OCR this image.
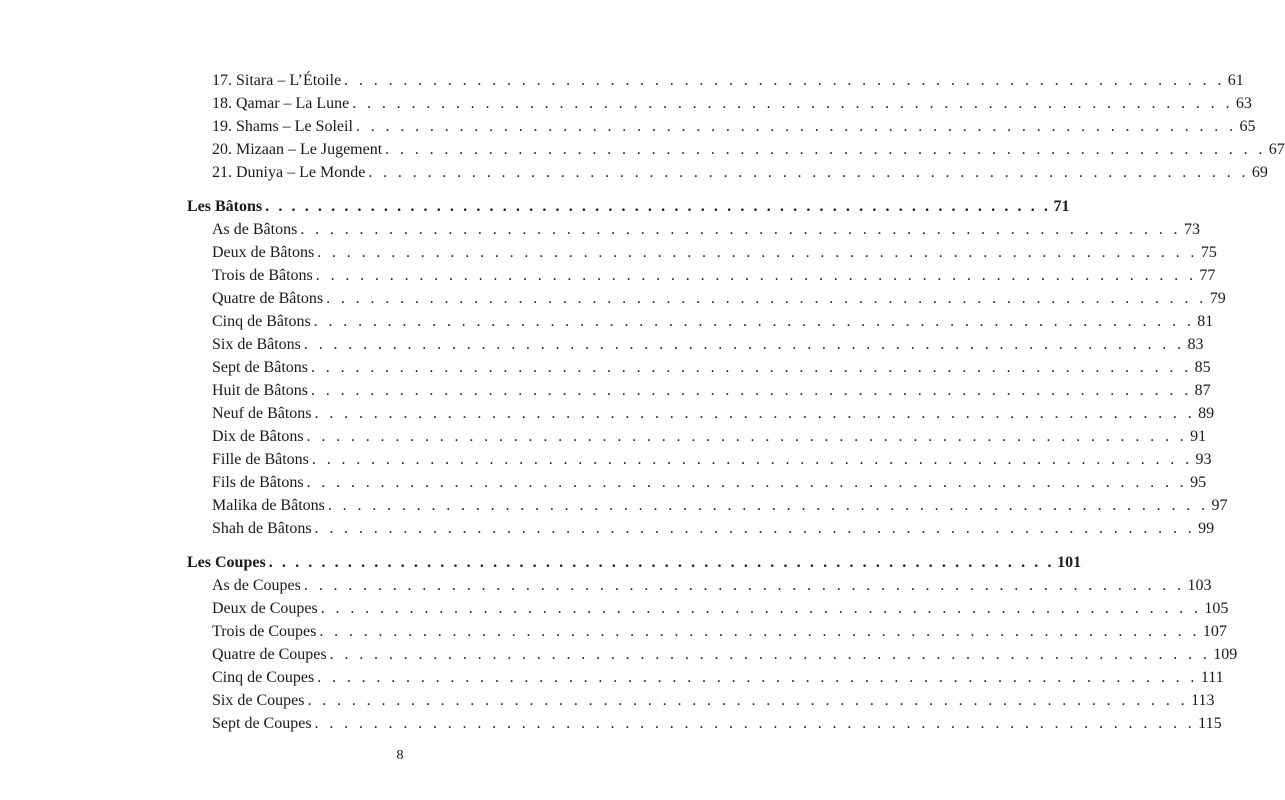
17. Sitara – L’Étoile . . . . . . . . . . . . . . . . . . . . . . . . . . . . . . . . . . . . . . . . . . . . . . . . . . . . . . . . . . . . 61
18. Qamar – La Lune . . . . . . . . . . . . . . . . . . . . . . . . . . . . . . . . . . . . . . . . . . . . . . . . . . . . . . . . . . . . 63
19. Shams – Le Soleil . . . . . . . . . . . . . . . . . . . . . . . . . . . . . . . . . . . . . . . . . . . . . . . . . . . . . . . . . . . . 65
20. Mizaan – Le Jugement . . . . . . . . . . . . . . . . . . . . . . . . . . . . . . . . . . . . . . . . . . . . . . . . . . . . . . . . . . . . 67
21. Duniya – Le Monde . . . . . . . . . . . . . . . . . . . . . . . . . . . . . . . . . . . . . . . . . . . . . . . . . . . . . . . . . . . . 69
Les Bâtons . . . . . . . . . . . . . . . . . . . . . . . . . . . . . . . . . . . . . . . . . . . . . . . . . . . . . . . . . . . . 71
As de Bâtons . . . . . . . . . . . . . . . . . . . . . . . . . . . . . . . . . . . . . . . . . . . . . . . . . . . . . . . . . . . . 73
Deux de Bâtons . . . . . . . . . . . . . . . . . . . . . . . . . . . . . . . . . . . . . . . . . . . . . . . . . . . . . . . . . . . . 75
Trois de Bâtons . . . . . . . . . . . . . . . . . . . . . . . . . . . . . . . . . . . . . . . . . . . . . . . . . . . . . . . . . . . . 77
Quatre de Bâtons . . . . . . . . . . . . . . . . . . . . . . . . . . . . . . . . . . . . . . . . . . . . . . . . . . . . . . . . . . . . 79
Cinq de Bâtons . . . . . . . . . . . . . . . . . . . . . . . . . . . . . . . . . . . . . . . . . . . . . . . . . . . . . . . . . . . . 81
Six de Bâtons . . . . . . . . . . . . . . . . . . . . . . . . . . . . . . . . . . . . . . . . . . . . . . . . . . . . . . . . . . . . 83
Sept de Bâtons . . . . . . . . . . . . . . . . . . . . . . . . . . . . . . . . . . . . . . . . . . . . . . . . . . . . . . . . . . . . 85
Huit de Bâtons . . . . . . . . . . . . . . . . . . . . . . . . . . . . . . . . . . . . . . . . . . . . . . . . . . . . . . . . . . . . 87
Neuf de Bâtons . . . . . . . . . . . . . . . . . . . . . . . . . . . . . . . . . . . . . . . . . . . . . . . . . . . . . . . . . . . . 89
Dix de Bâtons . . . . . . . . . . . . . . . . . . . . . . . . . . . . . . . . . . . . . . . . . . . . . . . . . . . . . . . . . . . . 91
Fille de Bâtons . . . . . . . . . . . . . . . . . . . . . . . . . . . . . . . . . . . . . . . . . . . . . . . . . . . . . . . . . . . . 93
Fils de Bâtons . . . . . . . . . . . . . . . . . . . . . . . . . . . . . . . . . . . . . . . . . . . . . . . . . . . . . . . . . . . . 95
Malika de Bâtons . . . . . . . . . . . . . . . . . . . . . . . . . . . . . . . . . . . . . . . . . . . . . . . . . . . . . . . . . . . . 97
Shah de Bâtons . . . . . . . . . . . . . . . . . . . . . . . . . . . . . . . . . . . . . . . . . . . . . . . . . . . . . . . . . . . . 99
Les Coupes . . . . . . . . . . . . . . . . . . . . . . . . . . . . . . . . . . . . . . . . . . . . . . . . . . . . . . . . . . . . 101
As de Coupes . . . . . . . . . . . . . . . . . . . . . . . . . . . . . . . . . . . . . . . . . . . . . . . . . . . . . . . . . . . . 103
Deux de Coupes . . . . . . . . . . . . . . . . . . . . . . . . . . . . . . . . . . . . . . . . . . . . . . . . . . . . . . . . . . . . 105
Trois de Coupes . . . . . . . . . . . . . . . . . . . . . . . . . . . . . . . . . . . . . . . . . . . . . . . . . . . . . . . . . . . . 107
Quatre de Coupes . . . . . . . . . . . . . . . . . . . . . . . . . . . . . . . . . . . . . . . . . . . . . . . . . . . . . . . . . . . . 109
Cinq de Coupes . . . . . . . . . . . . . . . . . . . . . . . . . . . . . . . . . . . . . . . . . . . . . . . . . . . . . . . . . . . . 111
Six de Coupes . . . . . . . . . . . . . . . . . . . . . . . . . . . . . . . . . . . . . . . . . . . . . . . . . . . . . . . . . . . . 113
Sept de Coupes . . . . . . . . . . . . . . . . . . . . . . . . . . . . . . . . . . . . . . . . . . . . . . . . . . . . . . . . . . . . 115
8
